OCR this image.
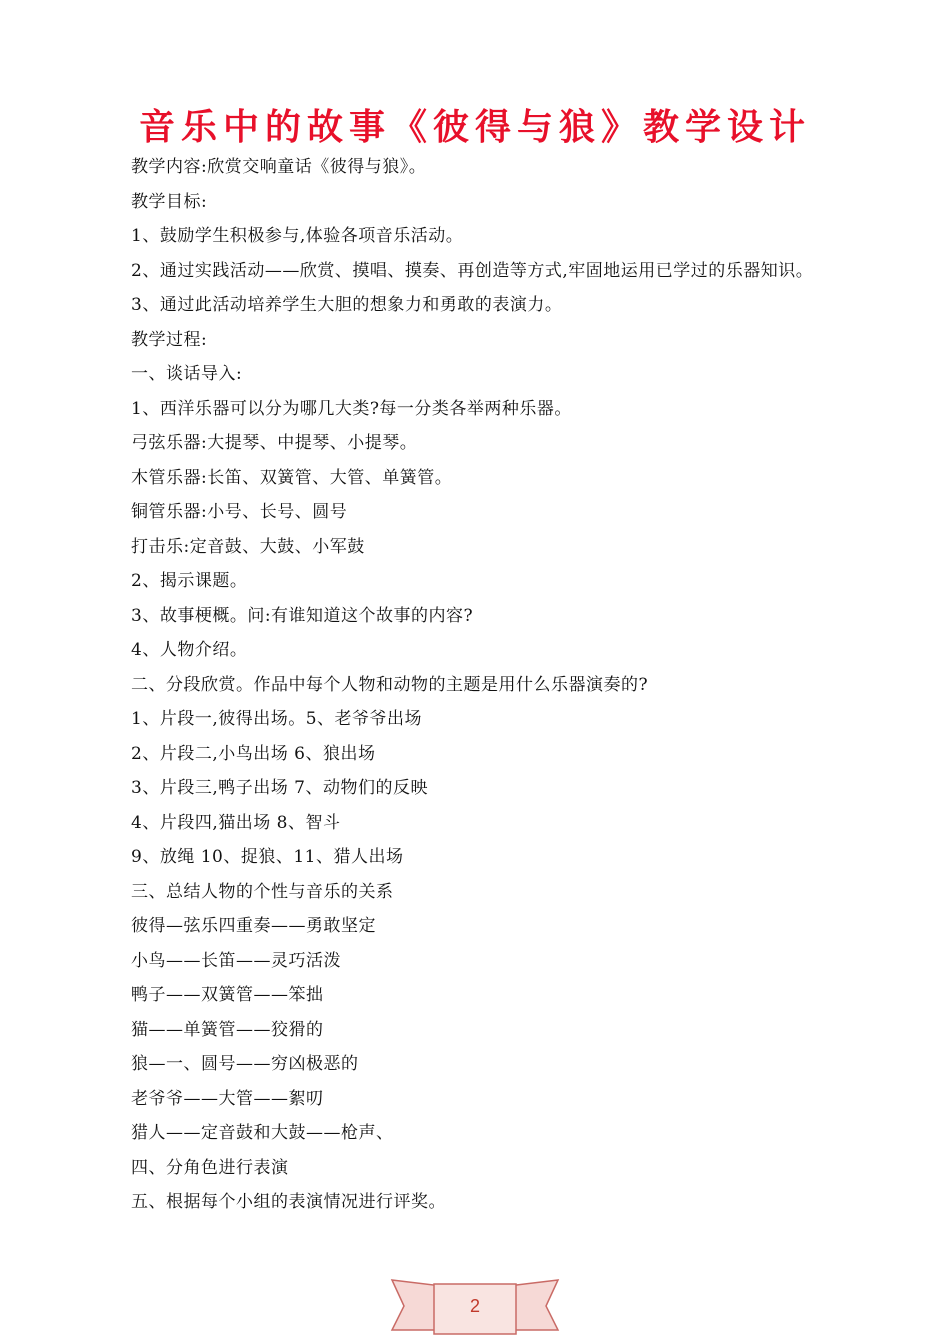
音乐中的故事《彼得与狼》教学设计
教学内容:欣赏交响童话《彼得与狼》。
教学目标:
1、鼓励学生积极参与,体验各项音乐活动。
2、通过实践活动——欣赏、摸唱、摸奏、再创造等方式,牢固地运用已学过的乐器知识。
3、通过此活动培养学生大胆的想象力和勇敢的表演力。
教学过程:
一、谈话导入:
1、西洋乐器可以分为哪几大类?每一分类各举两种乐器。
弓弦乐器:大提琴、中提琴、小提琴。
木管乐器:长笛、双簧管、大管、单簧管。
铜管乐器:小号、长号、圆号
打击乐:定音鼓、大鼓、小军鼓
2、揭示课题。
3、故事梗概。问:有谁知道这个故事的内容?
4、人物介绍。
二、分段欣赏。作品中每个人物和动物的主题是用什么乐器演奏的?
1、片段一,彼得出场。5、老爷爷出场
2、片段二,小鸟出场 6、狼出场
3、片段三,鸭子出场 7、动物们的反映
4、片段四,猫出场 8、智斗
9、放绳 10、捉狼、11、猎人出场
三、总结人物的个性与音乐的关系
彼得—弦乐四重奏——勇敢坚定
小鸟——长笛——灵巧活泼
鸭子——双簧管——笨拙
猫——单簧管——狡猾的
狼—一、圆号——穷凶极恶的
老爷爷——大管——絮叨
猎人——定音鼓和大鼓——枪声、
四、分角色进行表演
五、根据每个小组的表演情况进行评奖。
2
